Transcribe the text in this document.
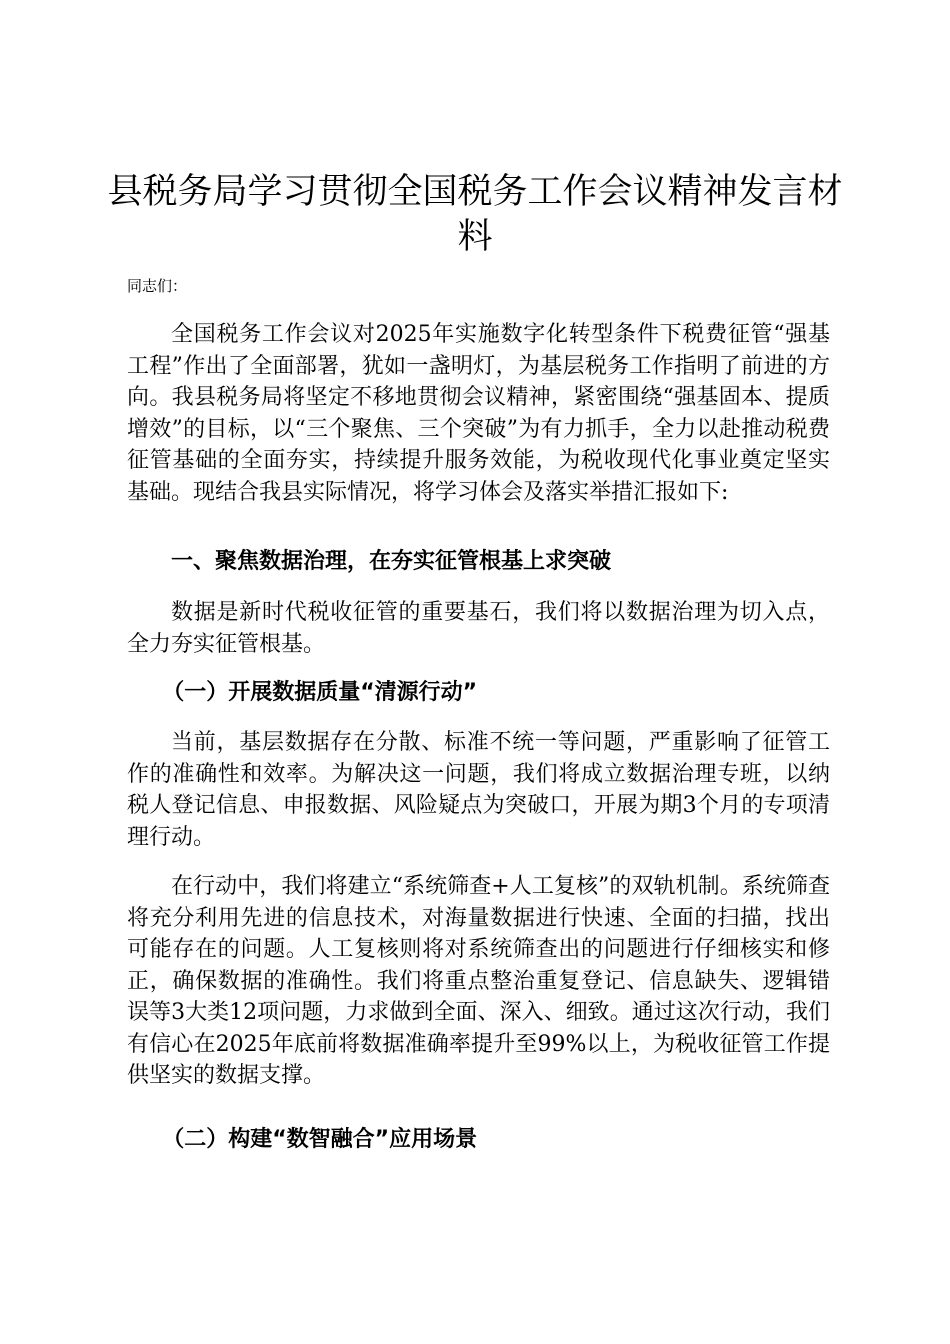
县税务局学习贯彻全国税务工作会议精神发言材料
同志们：

全国税务工作会议对2025年实施数字化转型条件下税费征管“强基工程”作出了全面部署，犹如一盏明灯，为基层税务工作指明了前进的方向。我县税务局将坚定不移地贯彻会议精神，紧密围绕“强基固本、提质增效”的目标，以“三个聚焦、三个突破”为有力抓手，全力以赴推动税费征管基础的全面夯实，持续提升服务效能，为税收现代化事业奠定坚实基础。现结合我县实际情况，将学习体会及落实举措汇报如下:

一、聚焦数据治理，在夯实征管根基上求突破

数据是新时代税收征管的重要基石，我们将以数据治理为切入点，全力夯实征管根基。

（一）开展数据质量“清源行动”

当前，基层数据存在分散、标准不统一等问题，严重影响了征管工作的准确性和效率。为解决这一问题，我们将成立数据治理专班，以纳税人登记信息、申报数据、风险疑点为突破口，开展为期3个月的专项清理行动。

在行动中，我们将建立“系统筛查+人工复核”的双轨机制。系统筛查将充分利用先进的信息技术，对海量数据进行快速、全面的扫描，找出可能存在的问题。人工复核则将对系统筛查出的问题进行仔细核实和修正，确保数据的准确性。我们将重点整治重复登记、信息缺失、逻辑错误等3大类12项问题，力求做到全面、深入、细致。通过这次行动，我们有信心在2025年底前将数据准确率提升至99%以上，为税收征管工作提供坚实的数据支撑。

（二）构建“数智融合”应用场景
